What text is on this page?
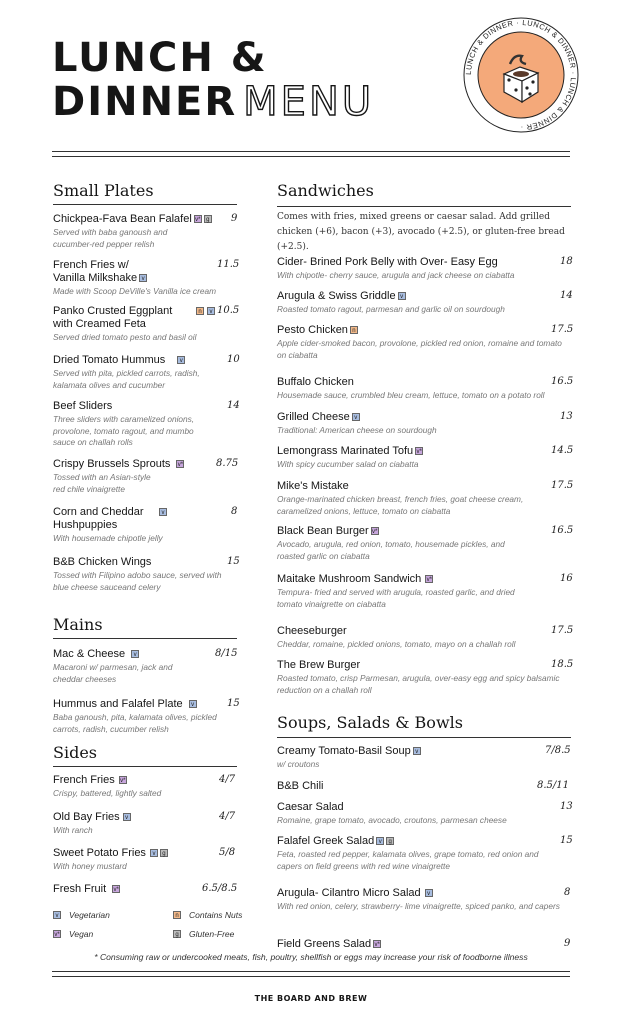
LUNCH &
DINNER MENU
LUNCH & DINNER · LUNCH & DINNER · LUNCH & DINNER ·
Small Plates
Chickpea-Fava Bean Falafel v* g	9
Served with baba ganoush and cucumber-red pepper relish
French Fries w/ Vanilla Milkshake v
11.5
Made with Scoop DeVille's Vanilla ice cream
Panko Crusted Eggplant with Creamed Feta
n	v 10.5
Served dried tomato pesto and basil oil
Dried Tomato Hummus v	10
Served with pita, pickled carrots, radish, kalamata olives and cucumber
Beef Sliders	14
Three sliders with caramelized onions, provolone, tomato ragout, and mumbo sauce on challah rolls
Crispy Brussels Sprouts v*	8.75
Tossed with an Asian-style red chile vinaigrette
Corn and Cheddar Hushpuppies
v	8
With housemade chipotle jelly
B&B Chicken Wings	15
Tossed with Filipino adobo sauce, served with blue cheese sauceand celery
Mains
Mac & Cheese v	8/15
Macaroni w/ parmesan, jack and cheddar cheeses
Hummus and Falafel Plate v	15
Baba ganoush, pita, kalamata olives, pickled carrots, radish, cucumber relish
Sides
French Fries v*	4/7
Crispy, battered, lightly salted
Old Bay Fries v	4/7
With ranch
Sweet Potato Fries v g	5/8
With honey mustard
Fresh Fruit v*	6.5/8.5
v Vegetarian
v* Vegan
n Contains Nuts
g Gluten-Free
Sandwiches
Comes with fries, mixed greens or caesar salad. Add grilled chicken (+6), bacon (+3), avocado (+2.5), or gluten-free bread (+2.5).
Cider- Brined Pork Belly with Over- Easy Egg	18
With chipotle- cherry sauce, arugula and jack cheese on ciabatta
Arugula & Swiss Griddle v	14
Roasted tomato ragout, parmesan and garlic oil on sourdough
Pesto Chicken n	17.5
Apple cider-smoked bacon, provolone, pickled red onion, romaine and tomato on ciabatta
Buffalo Chicken	16.5
Housemade sauce, crumbled bleu cream, lettuce, tomato on a potato roll
Grilled Cheese v	13
Traditional: American cheese on sourdough
Lemongrass Marinated Tofu v*	14.5
With spicy cucumber salad on ciabatta
Mike's Mistake	17.5
Orange-marinated chicken breast, french fries, goat cheese cream, caramelized onions, lettuce, tomato on ciabatta
Black Bean Burger v*	16.5
Avocado, arugula, red onion, tomato, housemade pickles, and roasted garlic on ciabatta
Maitake Mushroom Sandwich v*	16
Tempura- fried and served with arugula, roasted garlic, and dried tomato vinaigrette on ciabatta
Cheeseburger	17.5
Cheddar, romaine, pickled onions, tomato, mayo on a challah roll
The Brew Burger	18.5
Roasted tomato, crisp Parmesan, arugula, over-easy egg and spicy balsamic reduction on a challah roll
Soups, Salads & Bowls
Creamy Tomato-Basil Soup v	7/8.5
w/ croutons
B&B Chili	8.5/11
Caesar Salad	13
Romaine, grape tomato, avocado, croutons, parmesan cheese
Falafel Greek Salad v g	15
Feta, roasted red pepper, kalamata olives, grape tomato, red onion and capers on field greens with red wine vinaigrette
Arugula- Cilantro Micro Salad v	8
With red onion, celery, strawberry- lime vinaigrette, spiced panko, and capers
Field Greens Salad v*	9
* Consuming raw or undercooked meats, fish, poultry, shellfish or eggs may increase your risk of foodborne illness
THE BOARD AND BREW
